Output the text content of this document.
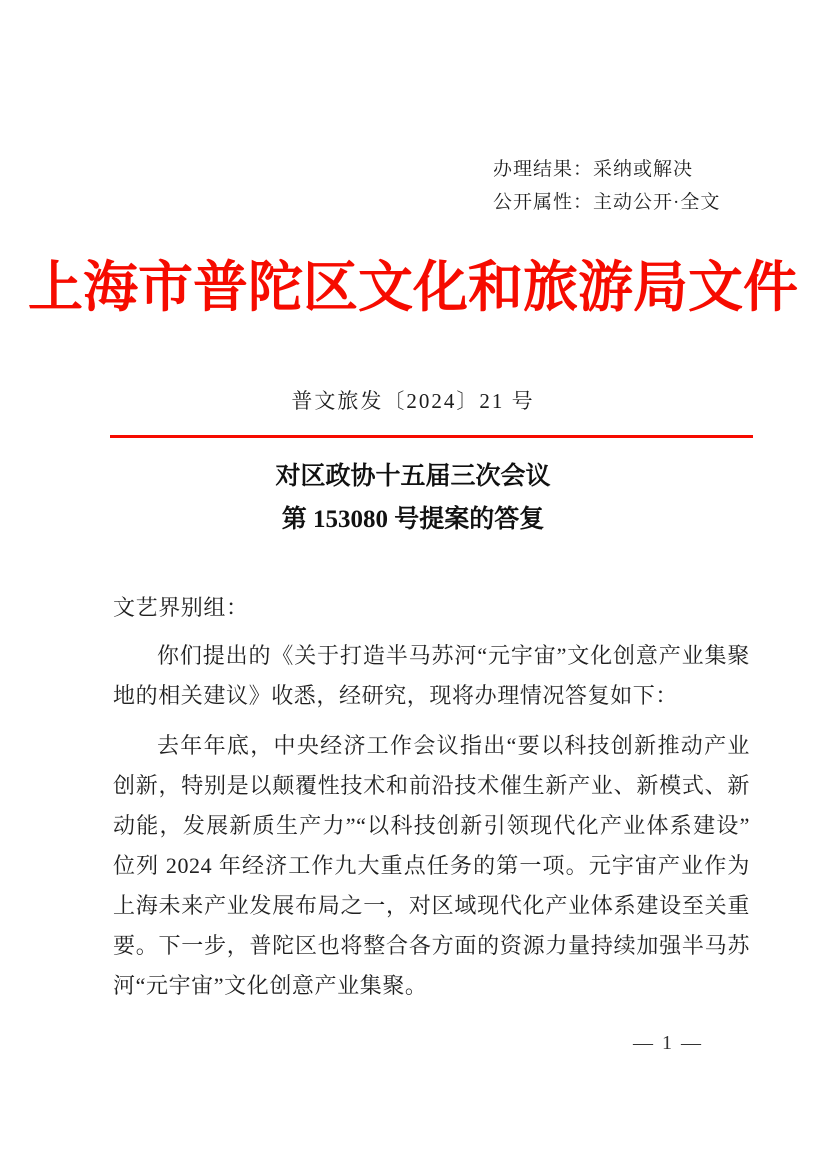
办理结果：采纳或解决
公开属性：主动公开·全文
上海市普陀区文化和旅游局文件
普文旅发〔2024〕21 号
对区政协十五届三次会议
第 153080 号提案的答复
文艺界别组：

你们提出的《关于打造半马苏河“元宇宙”文化创意产业集聚地的相关建议》收悉，经研究，现将办理情况答复如下：

去年年底，中央经济工作会议指出“要以科技创新推动产业创新，特别是以颠覆性技术和前沿技术催生新产业、新模式、新动能，发展新质生产力”“以科技创新引领现代化产业体系建设”位列 2024 年经济工作九大重点任务的第一项。元宇宙产业作为上海未来产业发展布局之一，对区域现代化产业体系建设至关重要。下一步，普陀区也将整合各方面的资源力量持续加强半马苏河“元宇宙”文化创意产业集聚。

— 1 —
